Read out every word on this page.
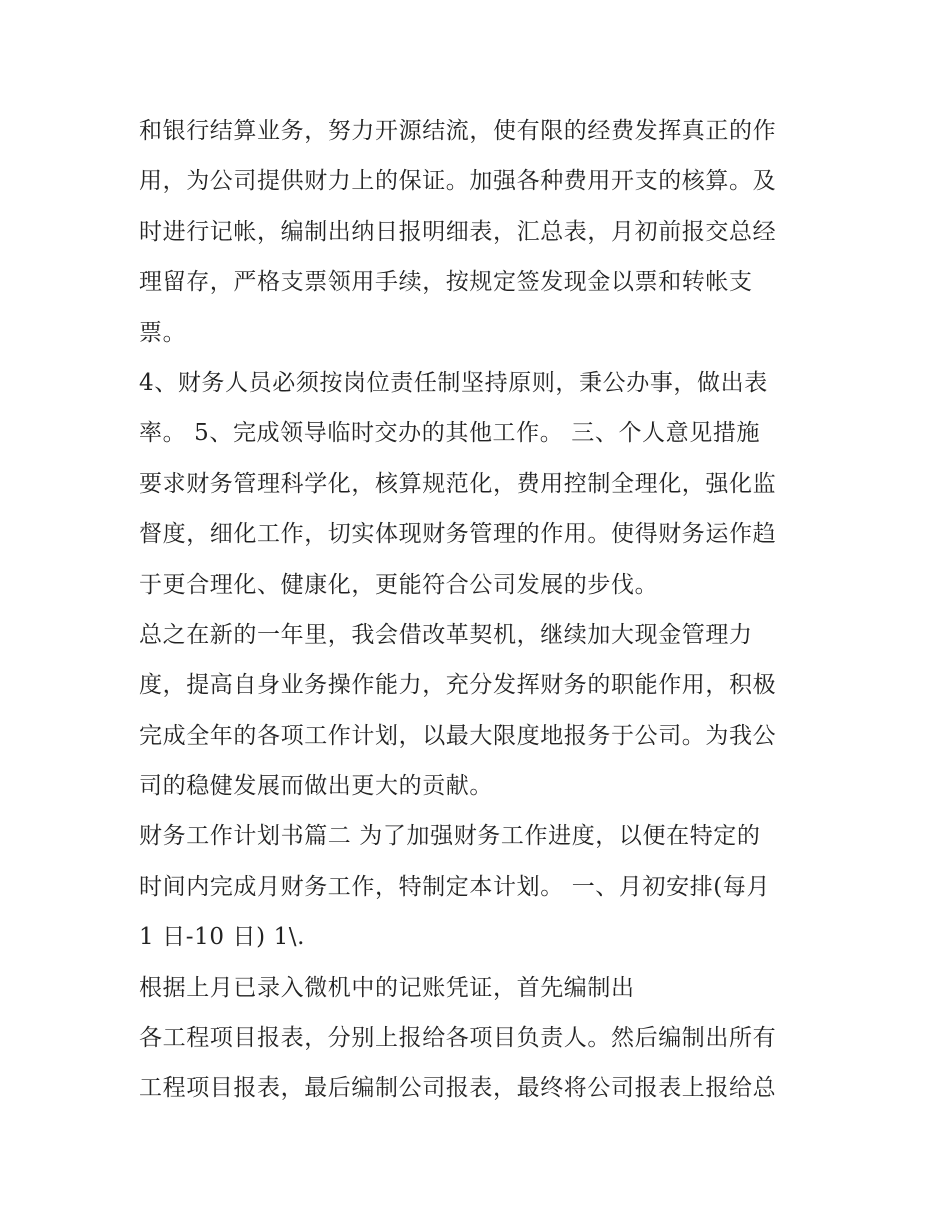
和银行结算业务，努力开源结流，使有限的经费发挥真正的作
用，为公司提供财力上的保证。加强各种费用开支的核算。及
时进行记帐，编制出纳日报明细表，汇总表，月初前报交总经
理留存，严格支票领用手续，按规定签发现金以票和转帐支
票。
4、财务人员必须按岗位责任制坚持原则，秉公办事，做出表
率。 5、完成领导临时交办的其他工作。 三、个人意见措施
要求财务管理科学化，核算规范化，费用控制全理化，强化监
督度，细化工作，切实体现财务管理的作用。使得财务运作趋
于更合理化、健康化，更能符合公司发展的步伐。
总之在新的一年里，我会借改革契机，继续加大现金管理力
度，提高自身业务操作能力，充分发挥财务的职能作用，积极
完成全年的各项工作计划，以最大限度地报务于公司。为我公
司的稳健发展而做出更大的贡献。
财务工作计划书篇二 为了加强财务工作进度，以便在特定的
时间内完成月财务工作，特制定本计划。 一、月初安排(每月
1 日-10 日) 1\.
根据上月已录入微机中的记账凭证，首先编制出
各工程项目报表，分别上报给各项目负责人。然后编制出所有
工程项目报表，最后编制公司报表，最终将公司报表上报给总
